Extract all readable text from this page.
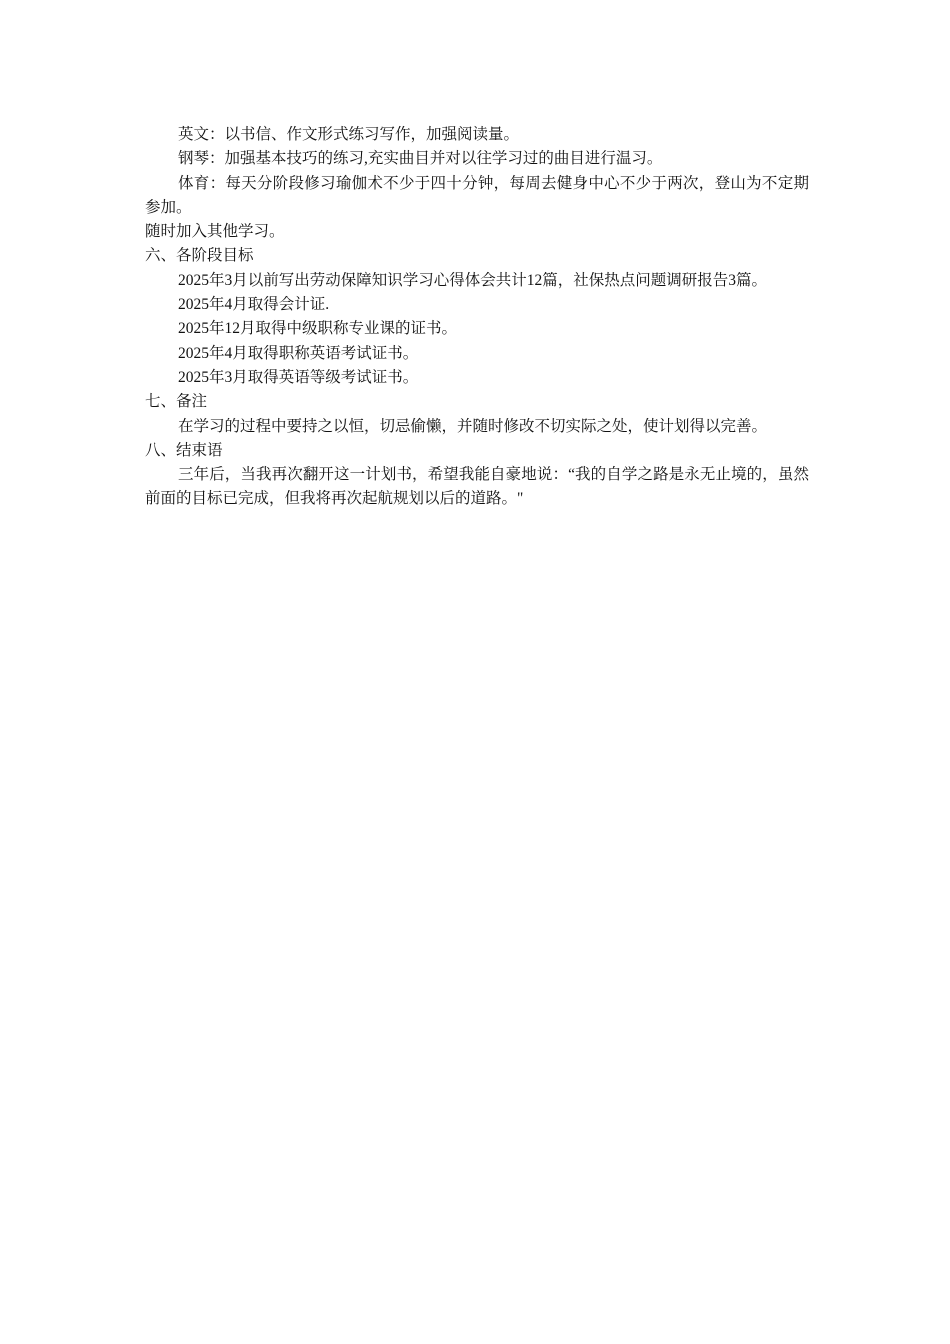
英文：以书信、作文形式练习写作，加强阅读量。

钢琴：加强基本技巧的练习,充实曲目并对以往学习过的曲目进行温习。

体育：每天分阶段修习瑜伽术不少于四十分钟，每周去健身中心不少于两次，登山为不定期参加。

随时加入其他学习。

六、各阶段目标

2025年3月以前写出劳动保障知识学习心得体会共计12篇，社保热点问题调研报告3篇。

2025年4月取得会计证.

2025年12月取得中级职称专业课的证书。

2025年4月取得职称英语考试证书。

2025年3月取得英语等级考试证书。

七、备注

在学习的过程中要持之以恒，切忌偷懒，并随时修改不切实际之处，使计划得以完善。

八、结束语

三年后，当我再次翻开这一计划书，希望我能自豪地说：“我的自学之路是永无止境的，虽然前面的目标已完成，但我将再次起航规划以后的道路。"
